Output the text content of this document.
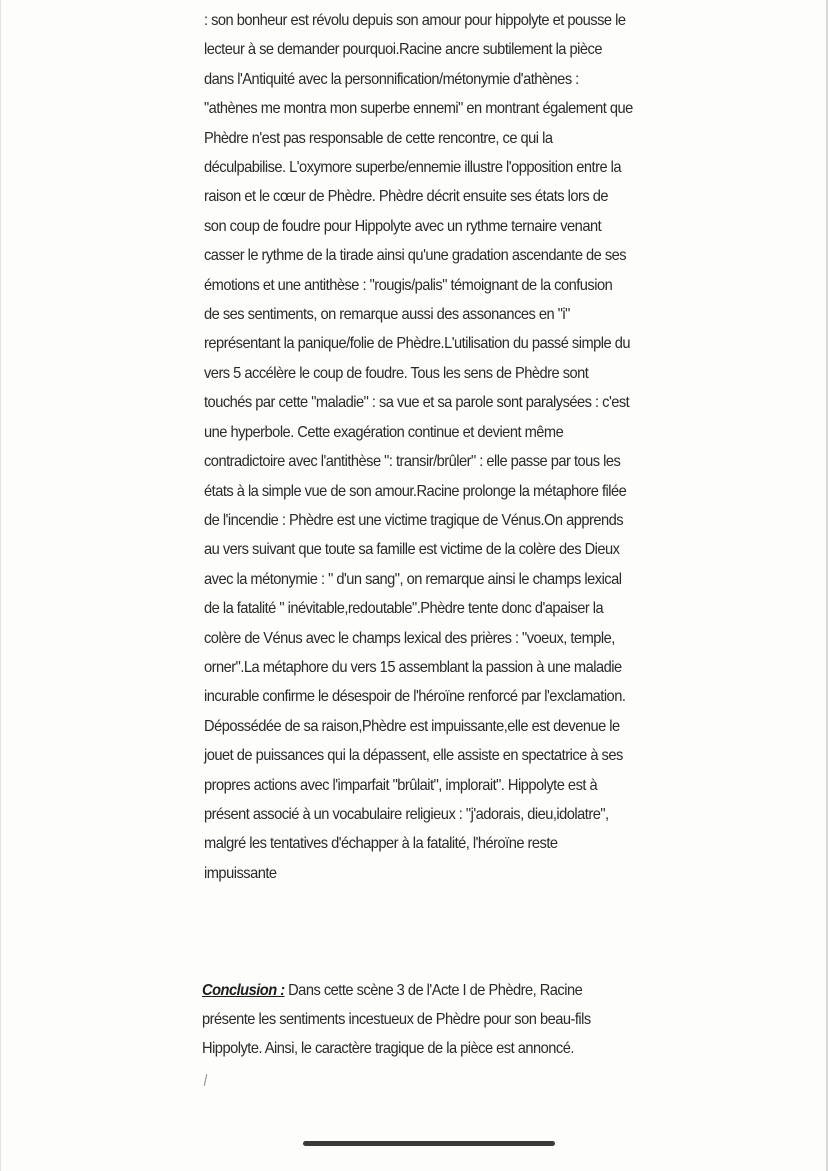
: son bonheur est révolu depuis son amour pour hippolyte et pousse le
lecteur à se demander pourquoi.Racine ancre subtilement la pièce
dans l'Antiquité avec la personnification/métonymie d'athènes :
"athènes me montra mon superbe ennemi" en montrant également que
Phèdre n'est pas responsable de cette rencontre, ce qui la
déculpabilise. L'oxymore superbe/ennemie illustre l'opposition entre la
raison et le cœur de Phèdre. Phèdre décrit ensuite ses états lors de
son coup de foudre pour Hippolyte avec un rythme ternaire venant
casser le rythme de la tirade ainsi qu'une gradation ascendante de ses
émotions et une antithèse : "rougis/palis" témoignant de la confusion
de ses sentiments, on remarque aussi des assonances en "i"
représentant la panique/folie de Phèdre.L'utilisation du passé simple du
vers 5 accélère le coup de foudre. Tous les sens de Phèdre sont
touchés par cette "maladie" : sa vue et sa parole sont paralysées : c'est
une hyperbole. Cette exagération continue et devient même
contradictoire avec l'antithèse ": transir/brûler" : elle passe par tous les
états à la simple vue de son amour.Racine prolonge la métaphore filée
de l'incendie : Phèdre est une victime tragique de Vénus.On apprends
au vers suivant que toute sa famille est victime de la colère des Dieux
avec la métonymie : " d'un sang", on remarque ainsi le champs lexical
de la fatalité " inévitable,redoutable".Phèdre tente donc d'apaiser la
colère de Vénus avec le champs lexical des prières : "voeux, temple,
orner".La métaphore du vers 15 assemblant la passion à une maladie
incurable confirme le désespoir de l'héroïne renforcé par l'exclamation.
Dépossédée de sa raison,Phèdre est impuissante,elle est devenue le
jouet de puissances qui la dépassent, elle assiste en spectatrice à ses
propres actions avec l'imparfait "brûlait", implorait". Hippolyte est à
présent associé à un vocabulaire religieux : "j'adorais, dieu,idolatre",
malgré les tentatives d'échapper à la fatalité, l'héroïne reste
impuissante

Conclusion : Dans cette scène 3 de l'Acte I de Phèdre, Racine
présente les sentiments incestueux de Phèdre pour son beau-fils
Hippolyte. Ainsi, le caractère tragique de la pièce est annoncé.
